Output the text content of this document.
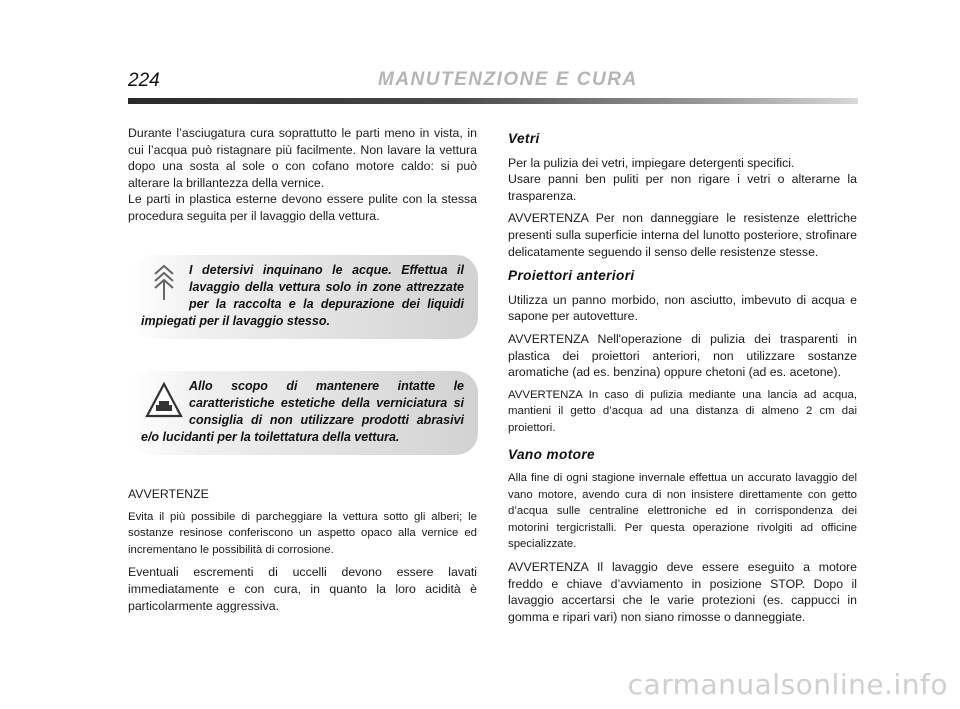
224	MANUTENZIONE E CURA

Durante l’asciugatura cura soprattutto le parti meno in vista, in cui l’acqua può ristagnare più facilmente. Non lavare la vettura dopo una sosta al sole o con cofano motore caldo: si può alterare la brillantezza della vernice.

Le parti in plastica esterne devono essere pulite con la stessa procedura seguita per il lavaggio della vettura.

I detersivi inquinano le acque. Effettua il lavaggio della vettura solo in zone attrezzate per la raccolta e la depurazione dei liquidi impiegati per il lavaggio stesso.
Allo scopo di mantenere intatte le caratteristiche estetiche della verniciatura si consiglia di non utilizzare prodotti abrasivi e/o lucidanti per la toilettatura della vettura.

AVVERTENZE

Evita il più possibile di parcheggiare la vettura sotto gli alberi; le sostanze resinose conferiscono un aspetto opaco alla vernice ed incrementano le possibilità di corrosione.

Eventuali escrementi di uccelli devono essere lavati immediatamente e con cura, in quanto la loro acidità è particolarmente aggressiva.

Vetri

Per la pulizia dei vetri, impiegare detergenti specifici.

Usare panni ben puliti per non rigare i vetri o alterarne la trasparenza.

AVVERTENZA Per non danneggiare le resistenze elettriche presenti sulla superficie interna del lunotto posteriore, strofinare delicatamente seguendo il senso delle resistenze stesse.

Proiettori anteriori

Utilizza un panno morbido, non asciutto, imbevuto di acqua e sapone per autovetture.

AVVERTENZA Nell'operazione di pulizia dei trasparenti in plastica dei proiettori anteriori, non utilizzare sostanze aromatiche (ad es. benzina) oppure chetoni (ad es. acetone).

AVVERTENZA In caso di pulizia mediante una lancia ad acqua, mantieni il getto d’acqua ad una distanza di almeno 2 cm dai proiettori.

Vano motore

Alla fine di ogni stagione invernale effettua un accurato lavaggio del vano motore, avendo cura di non insistere direttamente con getto d’acqua sulle centraline elettroniche ed in corrispondenza dei motorini tergicristalli. Per questa operazione rivolgiti ad officine specializzate.

AVVERTENZA Il lavaggio deve essere eseguito a motore freddo e chiave d’avviamento in posizione STOP. Dopo il lavaggio accertarsi che le varie protezioni (es. cappucci in gomma e ripari vari) non siano rimosse o danneggiate.

carmanualsonline.info
